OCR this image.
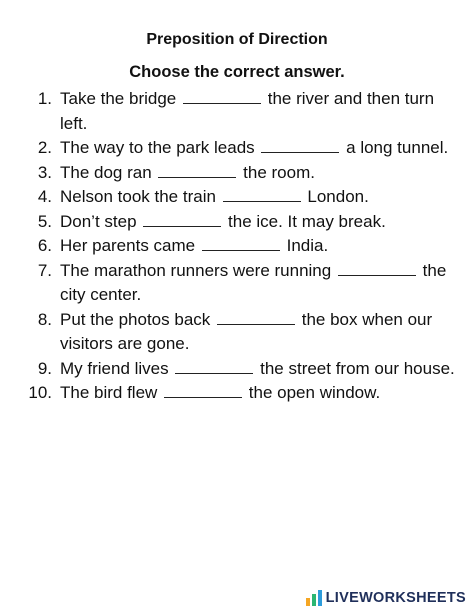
Preposition of Direction
Choose the correct answer.
1. Take the bridge	the river and then turn left.
2. The way to the park leads	a long tunnel.
3. The dog ran	the room.
4. Nelson took the train	London.
5. Don’t step	the ice. It may break.
6. Her parents came	India.
7. The marathon runners were running	the city center.
8. Put the photos back	the box when our visitors are gone.
9. My friend lives	the street from our house.
10. The bird flew	the open window.
LIVEWORKSHEETS
